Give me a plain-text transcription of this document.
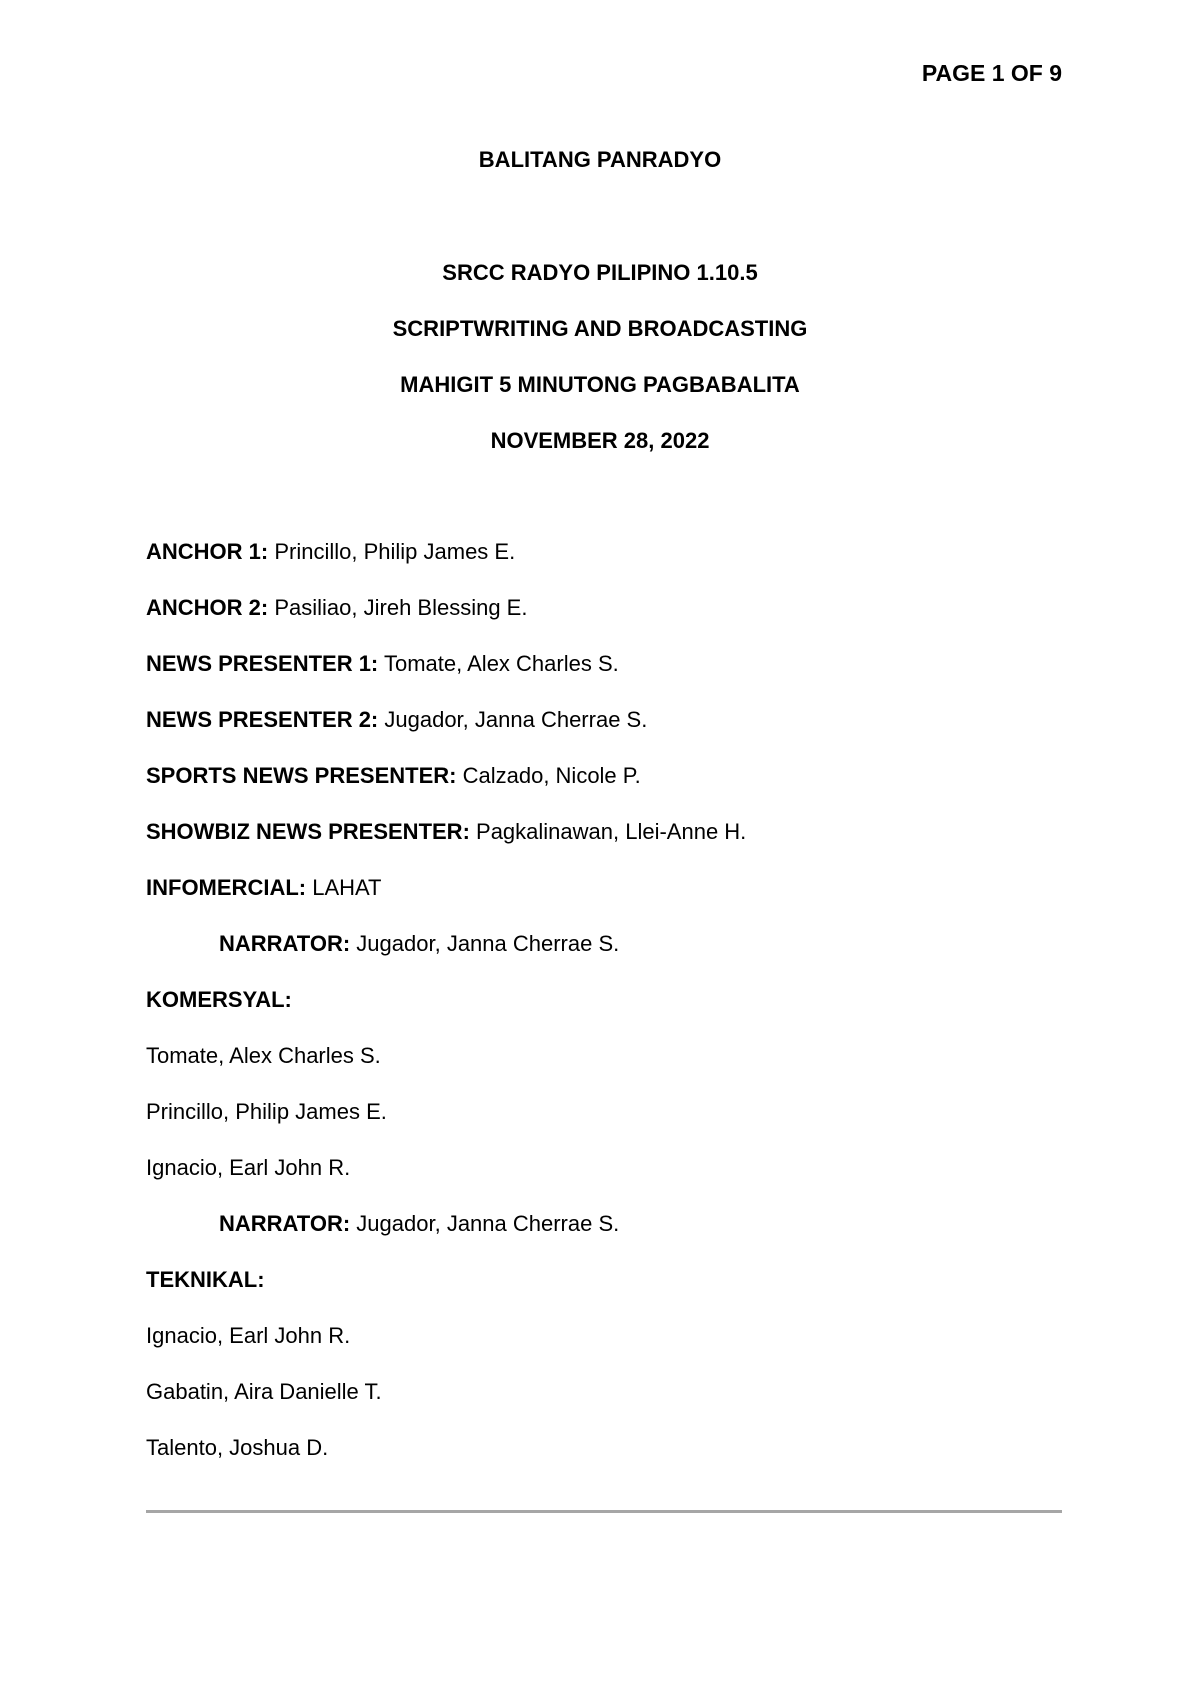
PAGE 1 OF 9
BALITANG PANRADYO
SRCC RADYO PILIPINO 1.10.5
SCRIPTWRITING AND BROADCASTING
MAHIGIT 5 MINUTONG PAGBABALITA
NOVEMBER 28, 2022
ANCHOR 1: Princillo, Philip James E.
ANCHOR 2: Pasiliao, Jireh Blessing E.
NEWS PRESENTER 1: Tomate, Alex Charles S.
NEWS PRESENTER 2: Jugador, Janna Cherrae S.
SPORTS NEWS PRESENTER: Calzado, Nicole P.
SHOWBIZ NEWS PRESENTER: Pagkalinawan, Llei-Anne H.
INFOMERCIAL: LAHAT
NARRATOR: Jugador, Janna Cherrae S.
KOMERSYAL:
Tomate, Alex Charles S.
Princillo, Philip James E.
Ignacio, Earl John R.
NARRATOR: Jugador, Janna Cherrae S.
TEKNIKAL:
Ignacio, Earl John R.
Gabatin, Aira Danielle T.
Talento, Joshua D.
